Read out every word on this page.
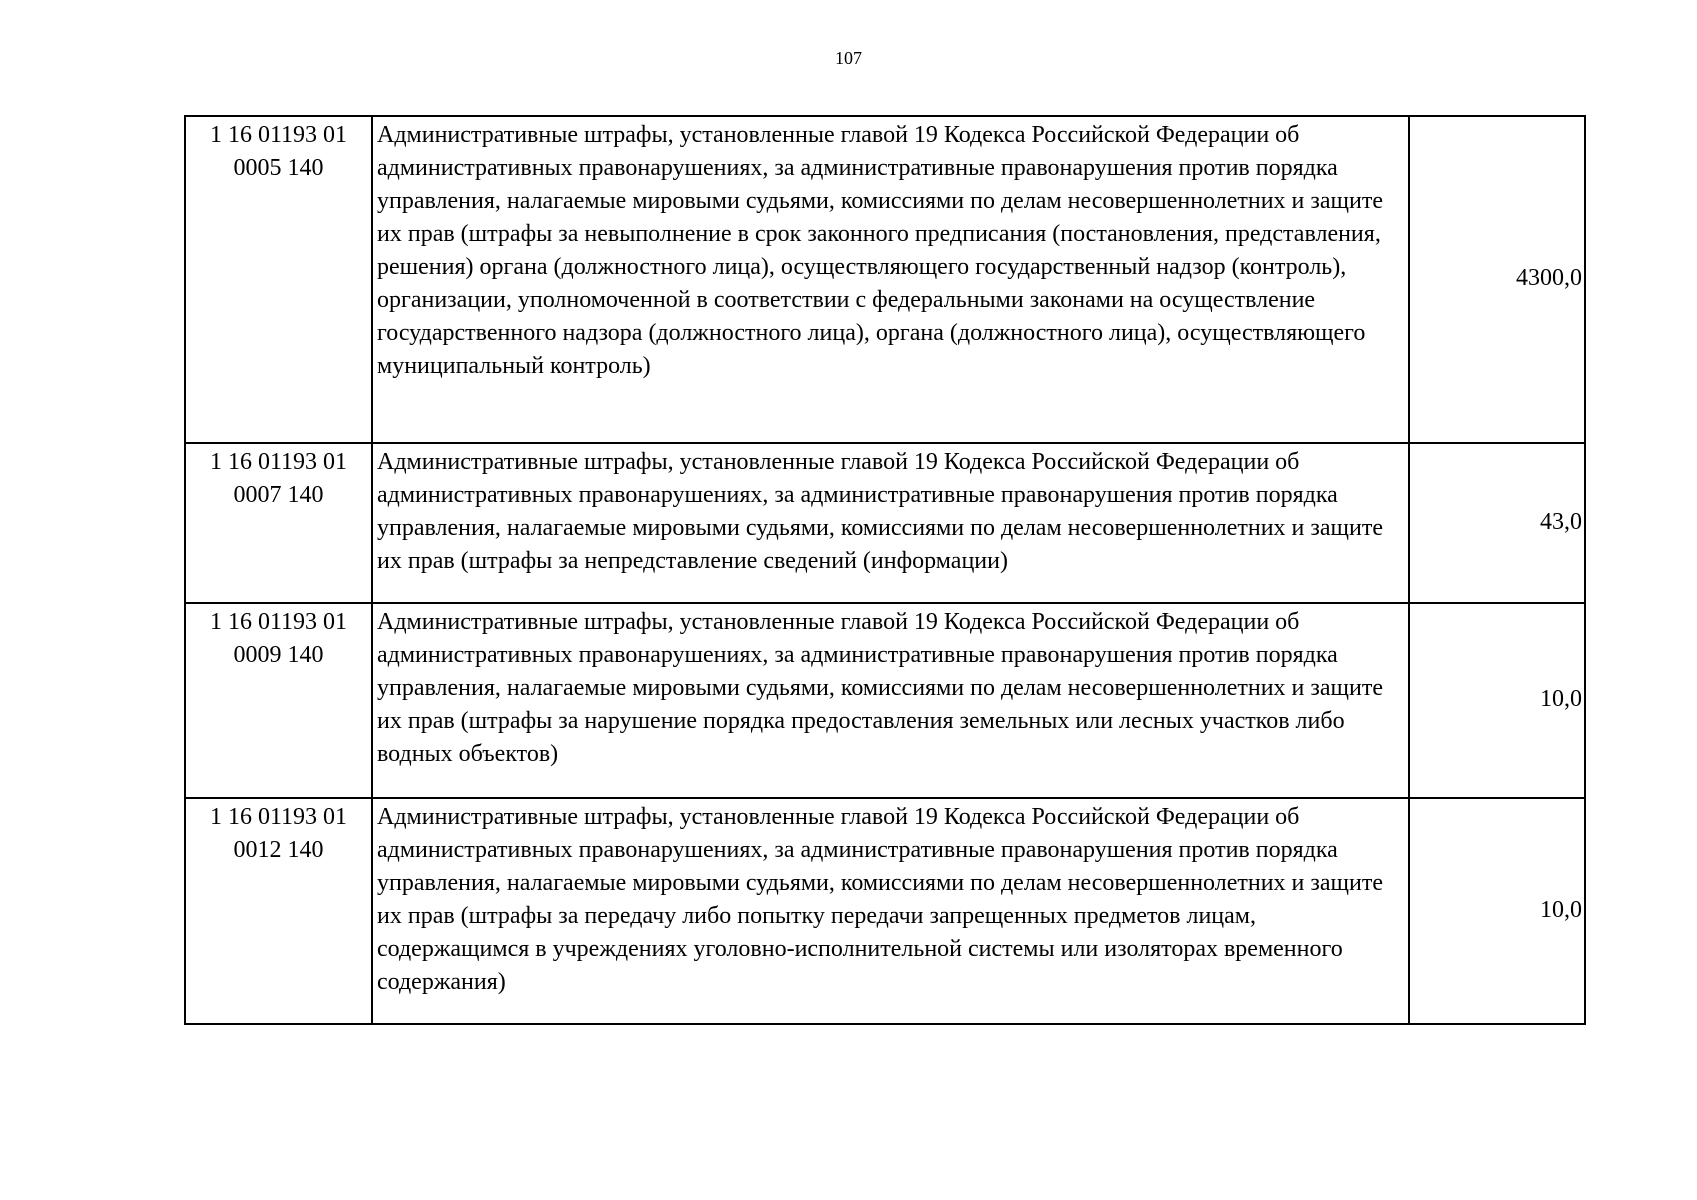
107
1 16 01193 01
0005 140	Административные штрафы, установленные главой 19 Кодекса Российской Федерации об административных правонарушениях, за административные правонарушения против порядка управления, налагаемые мировыми судьями, комиссиями по делам несовершеннолетних и защите их прав (штрафы за невыполнение в срок законного предписания (постановления, представления, решения) органа (должностного лица), осуществляющего государственный надзор (контроль), организации, уполномоченной в соответствии с федеральными законами на осуществление государственного надзора (должностного лица), органа (должностного лица), осуществляющего муниципальный контроль)	4300,0

1 16 01193 01
0007 140	Административные штрафы, установленные главой 19 Кодекса Российской Федерации об административных правонарушениях, за административные правонарушения против порядка управления, налагаемые мировыми судьями, комиссиями по делам несовершеннолетних и защите их прав (штрафы за непредставление сведений (информации)	43,0

1 16 01193 01
0009 140	Административные штрафы, установленные главой 19 Кодекса Российской Федерации об административных правонарушениях, за административные правонарушения против порядка управления, налагаемые мировыми судьями, комиссиями по делам несовершеннолетних и защите их прав (штрафы за нарушение порядка предоставления земельных или лесных участков либо водных объектов)	10,0

1 16 01193 01
0012 140	Административные штрафы, установленные главой 19 Кодекса Российской Федерации об административных правонарушениях, за административные правонарушения против порядка управления, налагаемые мировыми судьями, комиссиями по делам несовершеннолетних и защите их прав (штрафы за передачу либо попытку передачи запрещенных предметов лицам, содержащимся в учреждениях уголовно-исполнительной системы или изоляторах временного содержания)	10,0
